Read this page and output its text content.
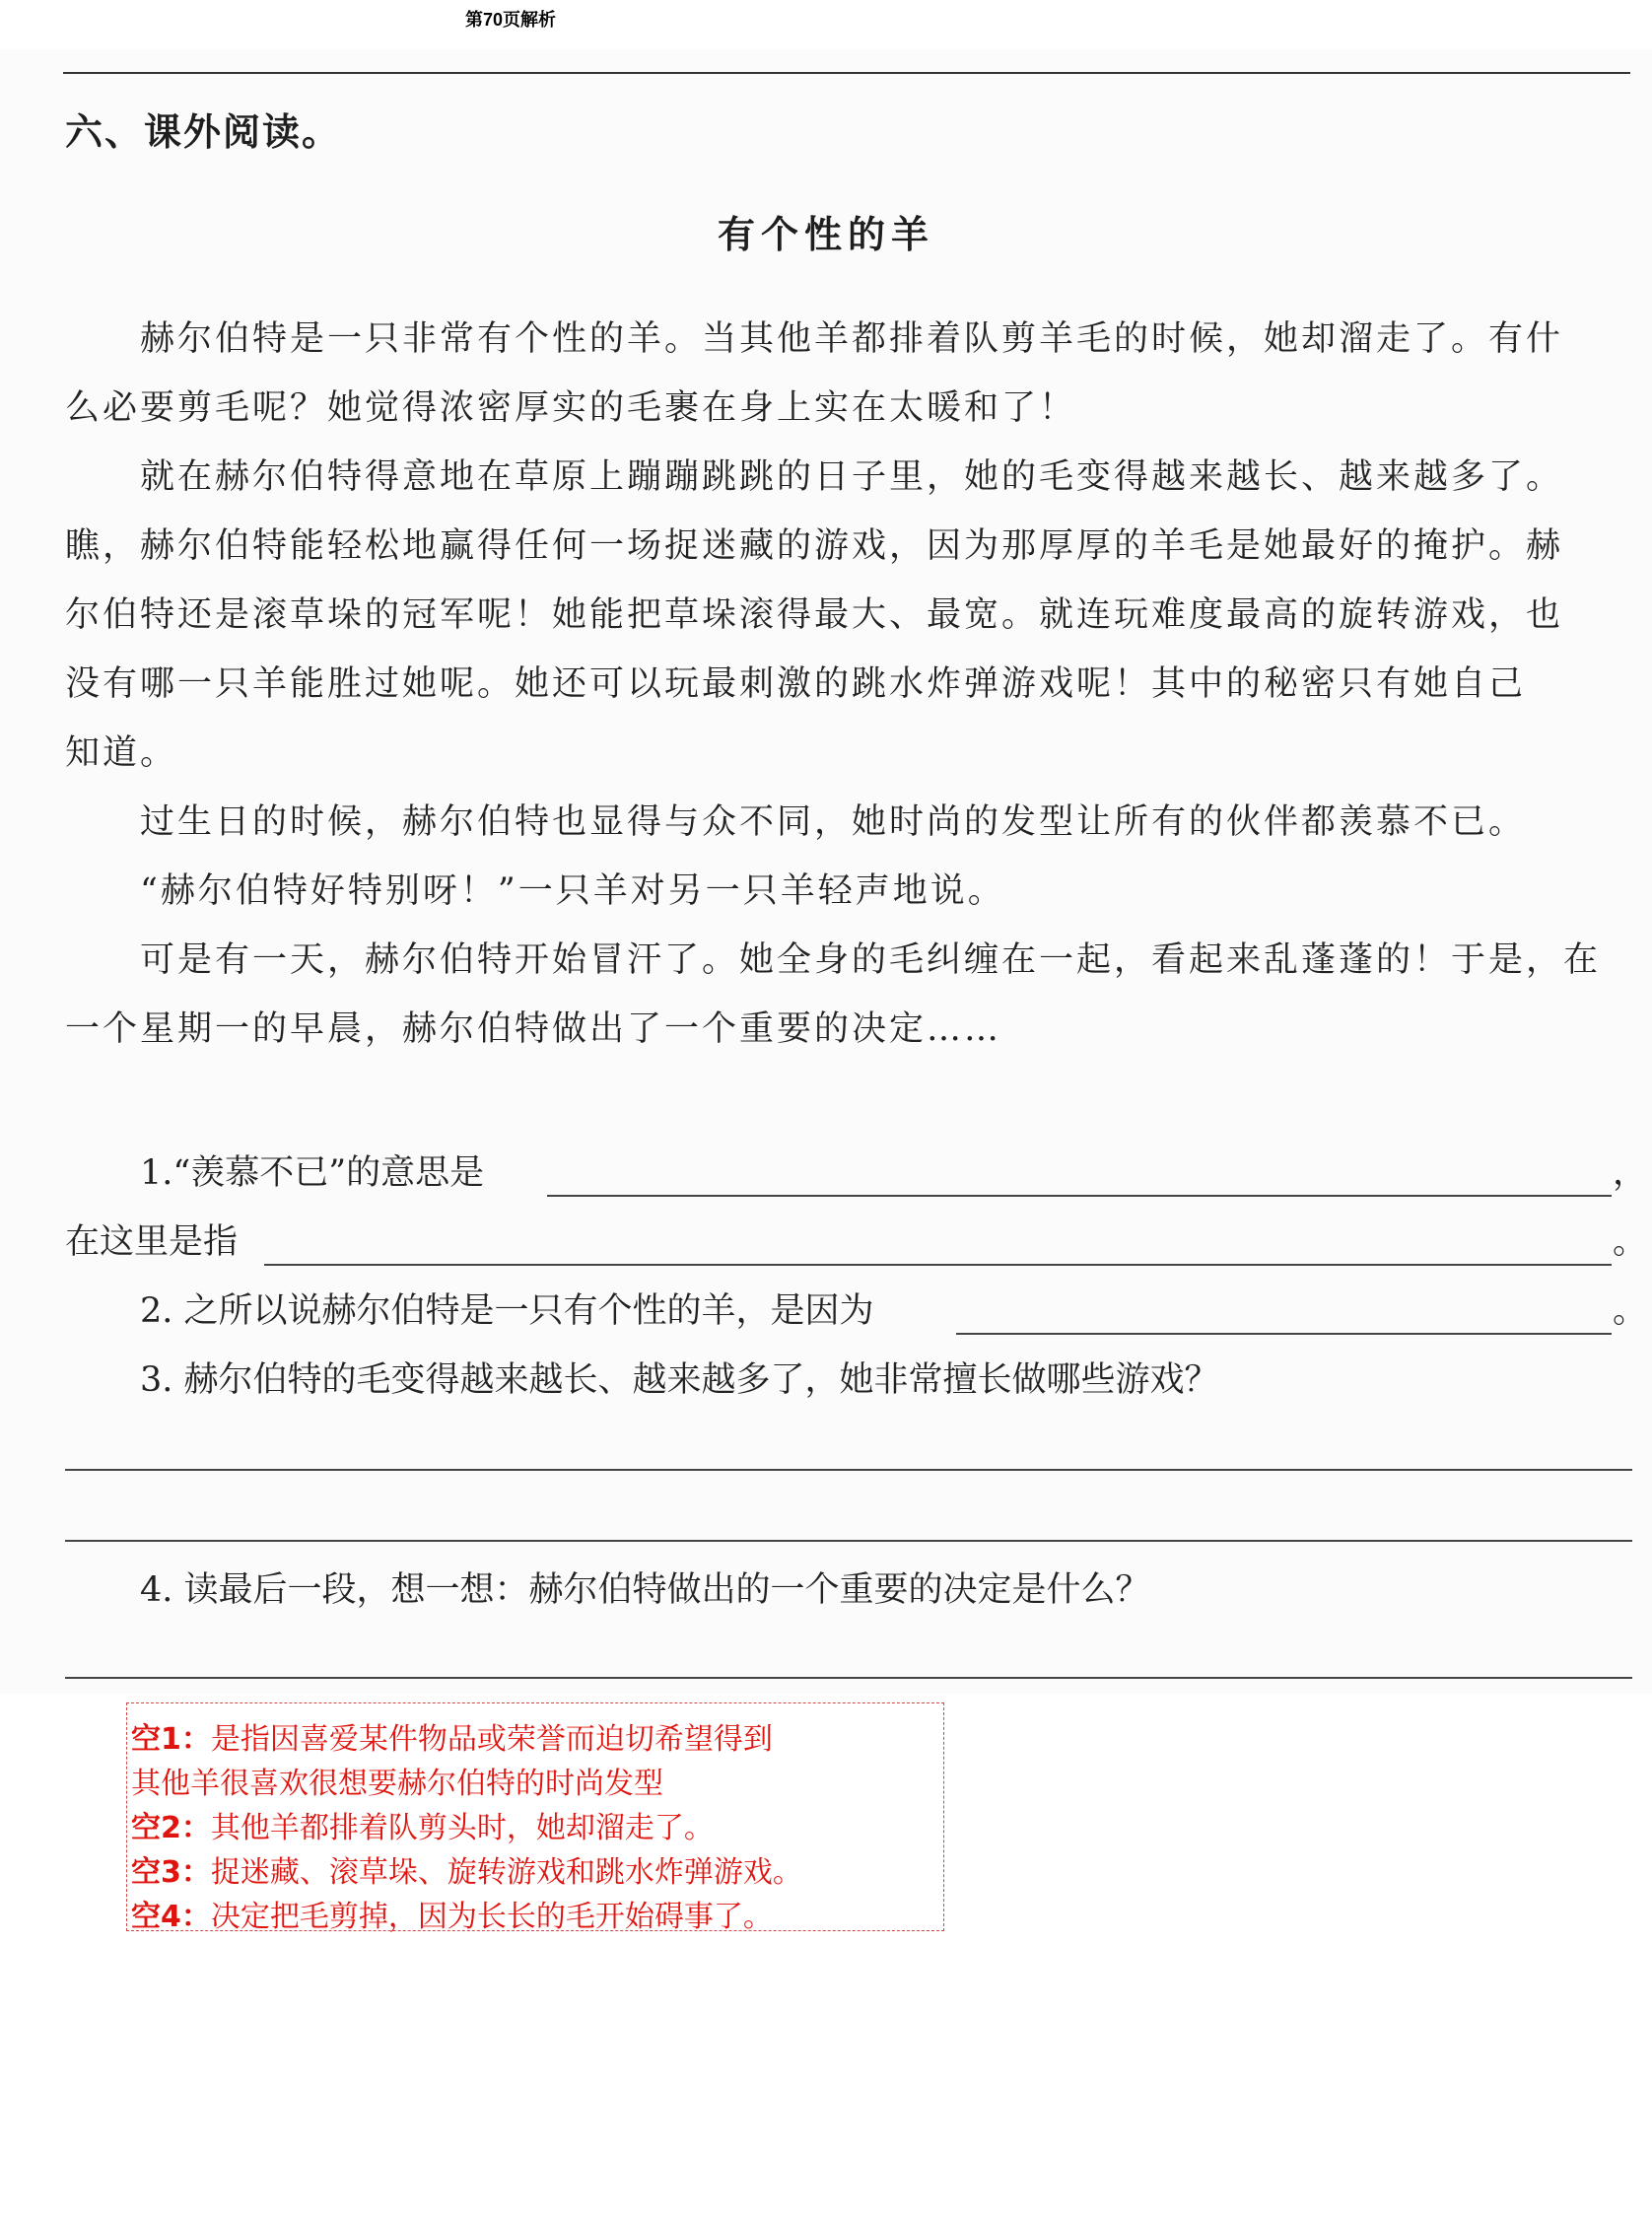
第70页解析
六、课外阅读。
有个性的羊
赫尔伯特是一只非常有个性的羊。当其他羊都排着队剪羊毛的时候，她却溜走了。有什
么必要剪毛呢？她觉得浓密厚实的毛裹在身上实在太暖和了！
就在赫尔伯特得意地在草原上蹦蹦跳跳的日子里，她的毛变得越来越长、越来越多了。
瞧，赫尔伯特能轻松地赢得任何一场捉迷藏的游戏，因为那厚厚的羊毛是她最好的掩护。赫
尔伯特还是滚草垛的冠军呢！她能把草垛滚得最大、最宽。就连玩难度最高的旋转游戏，也
没有哪一只羊能胜过她呢。她还可以玩最刺激的跳水炸弹游戏呢！其中的秘密只有她自己
知道。
过生日的时候，赫尔伯特也显得与众不同，她时尚的发型让所有的伙伴都羡慕不已。
“赫尔伯特好特别呀！”一只羊对另一只羊轻声地说。
可是有一天，赫尔伯特开始冒汗了。她全身的毛纠缠在一起，看起来乱蓬蓬的！于是，在
一个星期一的早晨，赫尔伯特做出了一个重要的决定……
1.“羡慕不已”的意思是	，
在这里是指	。
2. 之所以说赫尔伯特是一只有个性的羊，是因为	。
3. 赫尔伯特的毛变得越来越长、越来越多了，她非常擅长做哪些游戏？
4. 读最后一段，想一想：赫尔伯特做出的一个重要的决定是什么？
空1：是指因喜爱某件物品或荣誉而迫切希望得到
其他羊很喜欢很想要赫尔伯特的时尚发型
空2：其他羊都排着队剪头时，她却溜走了。
空3：捉迷藏、滚草垛、旋转游戏和跳水炸弹游戏。
空4：决定把毛剪掉，因为长长的毛开始碍事了。
